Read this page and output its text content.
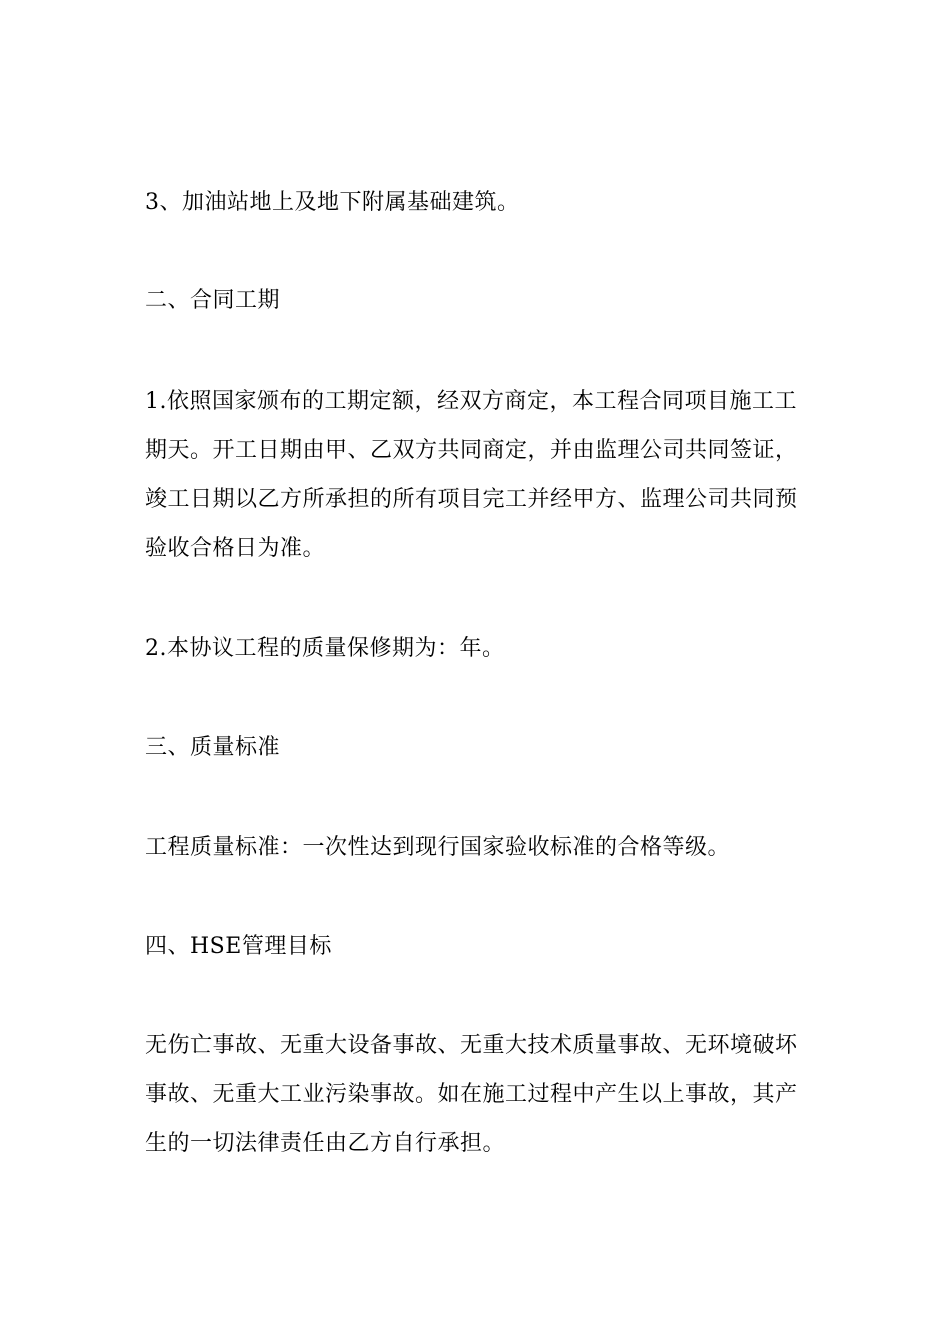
3、加油站地上及地下附属基础建筑。

二、合同工期

1.依照国家颁布的工期定额，经双方商定，本工程合同项目施工工
期天。开工日期由甲、乙双方共同商定，并由监理公司共同签证，
竣工日期以乙方所承担的所有项目完工并经甲方、监理公司共同预
验收合格日为准。

2.本协议工程的质量保修期为：年。

三、质量标准

工程质量标准：一次性达到现行国家验收标准的合格等级。

四、HSE管理目标

无伤亡事故、无重大设备事故、无重大技术质量事故、无环境破坏
事故、无重大工业污染事故。如在施工过程中产生以上事故，其产
生的一切法律责任由乙方自行承担。
